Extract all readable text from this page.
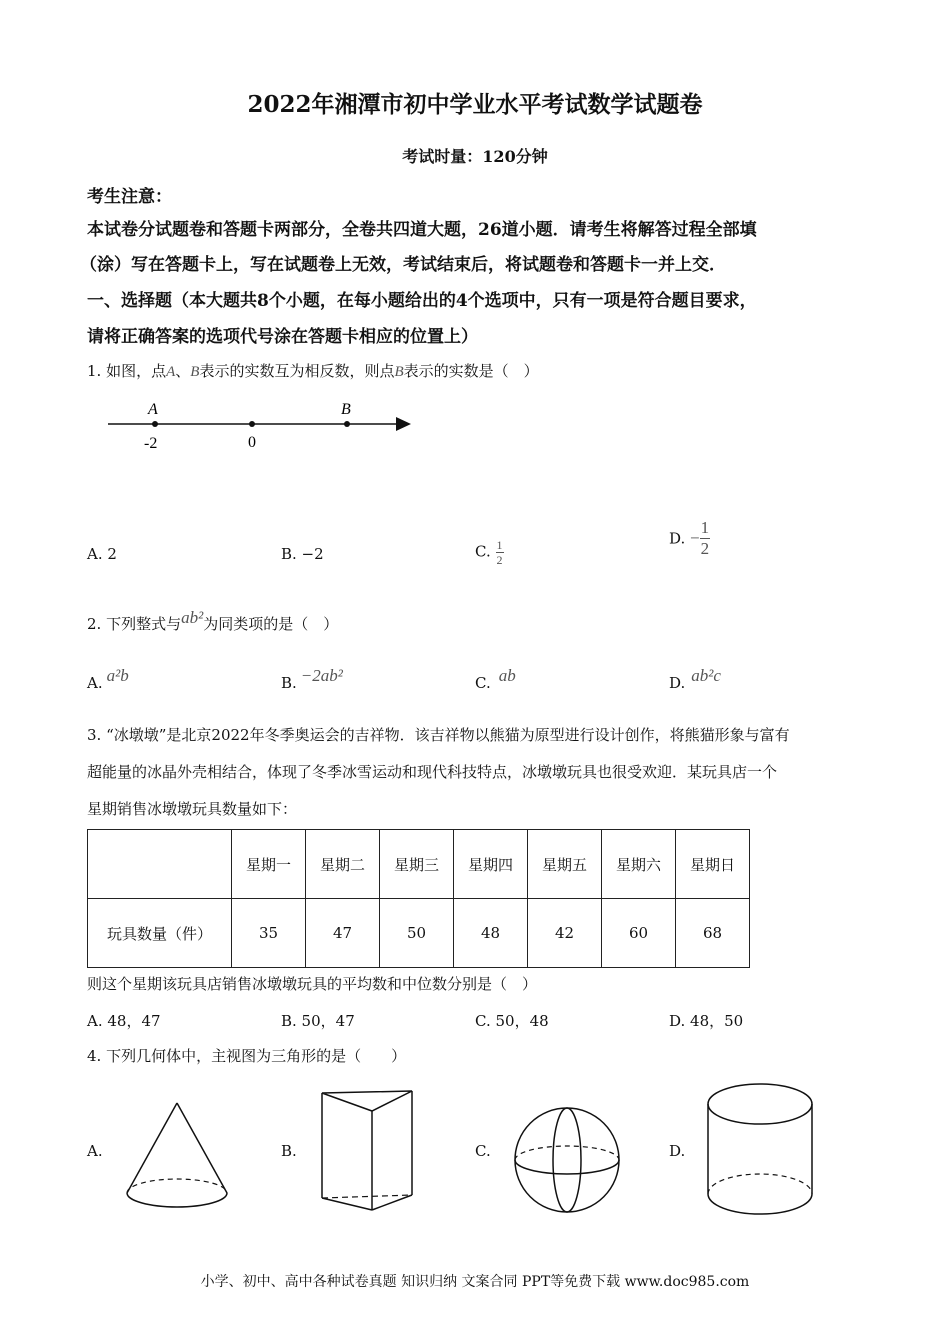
2022年湘潭市初中学业水平考试数学试题卷
考试时量：120分钟
考生注意：
本试卷分试题卷和答题卡两部分，全卷共四道大题，26道小题．请考生将解答过程全部填
（涂）写在答题卡上，写在试题卷上无效，考试结束后，将试题卷和答题卡一并上交．
一、选择题（本大题共8个小题，在每小题给出的4个选项中，只有一项是符合题目要求，
请将正确答案的选项代号涂在答题卡相应的位置上）
1. 如图，点A、B表示的实数互为相反数，则点B表示的实数是（　）
A	B
-2	0
A. 2	B. −2	C. $\frac{1}{2}$	D. − $\frac{1}{2}$
2. 下列整式与ab²为同类项的是（　）
A. a²b	B. −2ab²	C. ab	D. ab²c
3. “冰墩墩”是北京2022年冬季奥运会的吉祥物．该吉祥物以熊猫为原型进行设计创作，将熊猫形象与富有
超能量的冰晶外壳相结合，体现了冬季冰雪运动和现代科技特点，冰墩墩玩具也很受欢迎．某玩具店一个
星期销售冰墩墩玩具数量如下：
	星期一	星期二	星期三	星期四	星期五	星期六	星期日
玩具数量（件）	35	47	50	48	42	60	68
则这个星期该玩具店销售冰墩墩玩具的平均数和中位数分别是（　）
A. 48，47	B. 50，47	C. 50，48	D. 48，50
4. 下列几何体中，主视图为三角形的是（　　）
A.	B.	C.	D.
小学、初中、高中各种试卷真题 知识归纳 文案合同 PPT等免费下载 www.doc985.com
